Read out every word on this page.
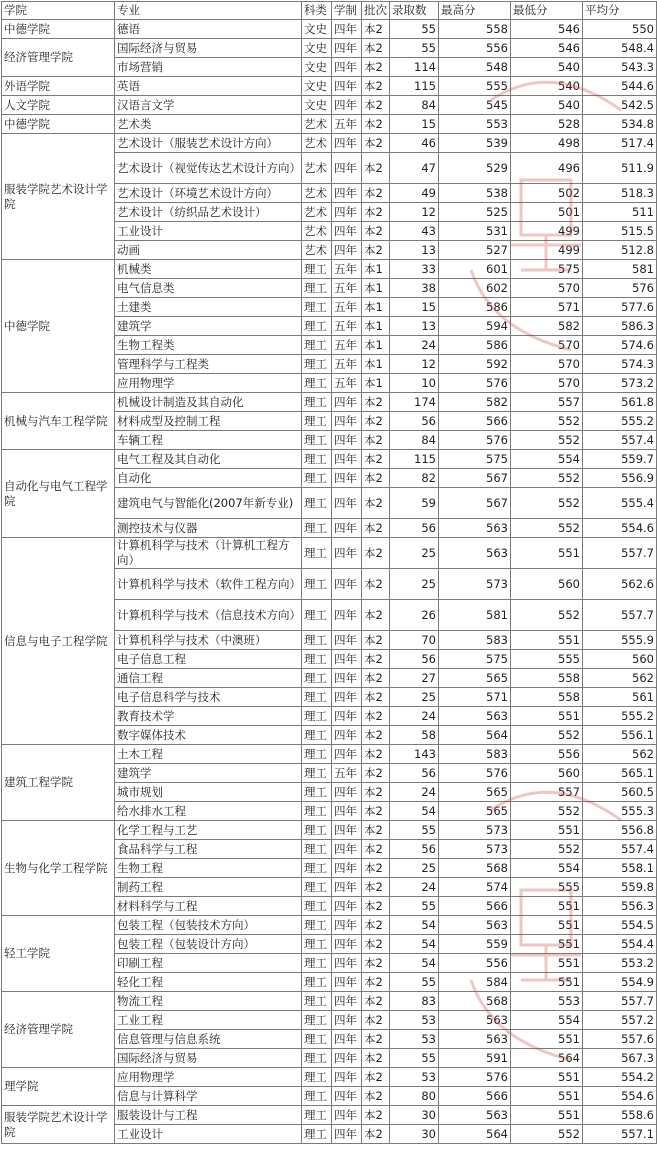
学院	专业	科类	学制	批次	录取数	最高分	最低分	平均分
中德学院	德语	文史	四年	本2	55	558	546	550
经济管理学院	国际经济与贸易	文史	四年	本2	55	556	546	548.4
	市场营销	文史	四年	本2	114	548	540	543.3
外语学院	英语	文史	四年	本2	115	555	540	544.6
人文学院	汉语言文学	文史	四年	本2	84	545	540	542.5
中德学院	艺术类	艺术	五年	本2	15	553	528	534.8
服装学院艺术设计学院	艺术设计（服装艺术设计方向）	艺术	四年	本2	46	539	498	517.4
	艺术设计（视觉传达艺术设计方向）	艺术	四年	本2	47	529	496	511.9
	艺术设计（环境艺术设计方向）	艺术	四年	本2	49	538	502	518.3
	艺术设计（纺织品艺术设计）	艺术	四年	本2	12	525	501	511
	工业设计	艺术	四年	本2	43	531	499	515.5
	动画	艺术	四年	本2	13	527	499	512.8
中德学院	机械类	理工	五年	本1	33	601	575	581
	电气信息类	理工	五年	本1	38	602	570	576
	土建类	理工	五年	本1	15	586	571	577.6
	建筑学	理工	五年	本1	13	594	582	586.3
	生物工程类	理工	五年	本1	24	586	570	574.6
	管理科学与工程类	理工	五年	本1	12	592	570	574.3
	应用物理学	理工	五年	本1	10	576	570	573.2
机械与汽车工程学院	机械设计制造及其自动化	理工	四年	本2	174	582	557	561.8
	材料成型及控制工程	理工	四年	本2	56	566	552	555.2
	车辆工程	理工	四年	本2	84	576	552	557.4
自动化与电气工程学院	电气工程及其自动化	理工	四年	本2	115	575	554	559.7
	自动化	理工	四年	本2	82	567	552	556.9
	建筑电气与智能化(2007年新专业)	理工	四年	本2	59	567	552	555.4
	测控技术与仪器	理工	四年	本2	56	563	552	554.6
信息与电子工程学院	计算机科学与技术（计算机工程方向）	理工	四年	本2	25	563	551	557.7
	计算机科学与技术（软件工程方向）	理工	四年	本2	25	573	560	562.6
	计算机科学与技术（信息技术方向）	理工	四年	本2	26	581	552	557.7
	计算机科学与技术（中澳班）	理工	四年	本2	70	583	551	555.9
	电子信息工程	理工	四年	本2	56	575	555	560
	通信工程	理工	四年	本2	27	565	558	562
	电子信息科学与技术	理工	四年	本2	25	571	558	561
	教育技术学	理工	四年	本2	24	563	551	555.2
	数字媒体技术	理工	四年	本2	58	564	552	556.1
建筑工程学院	土木工程	理工	四年	本2	143	583	556	562
	建筑学	理工	五年	本2	56	576	560	565.1
	城市规划	理工	四年	本2	24	565	557	560.5
	给水排水工程	理工	四年	本2	54	565	552	555.3
生物与化学工程学院	化学工程与工艺	理工	四年	本2	55	573	551	556.8
	食品科学与工程	理工	四年	本2	56	573	552	557.4
	生物工程	理工	四年	本2	25	568	554	558.1
	制药工程	理工	四年	本2	24	574	555	559.8
	材料科学与工程	理工	四年	本2	55	566	551	556.3
轻工学院	包装工程（包装技术方向）	理工	四年	本2	54	563	551	554.5
	包装工程（包装设计方向）	理工	四年	本2	54	559	551	554.4
	印刷工程	理工	四年	本2	54	556	551	553.2
	轻化工程	理工	四年	本2	55	584	551	554.9
经济管理学院	物流工程	理工	四年	本2	83	568	553	557.7
	工业工程	理工	四年	本2	53	563	554	557.2
	信息管理与信息系统	理工	四年	本2	53	563	551	557.6
	国际经济与贸易	理工	四年	本2	55	591	564	567.3
理学院	应用物理学	理工	四年	本2	53	576	551	554.2
	信息与计算科学	理工	四年	本2	80	566	551	554.6
服装学院艺术设计学院	服装设计与工程	理工	四年	本2	30	563	551	558.6
	工业设计	理工	四年	本2	30	564	552	557.1
